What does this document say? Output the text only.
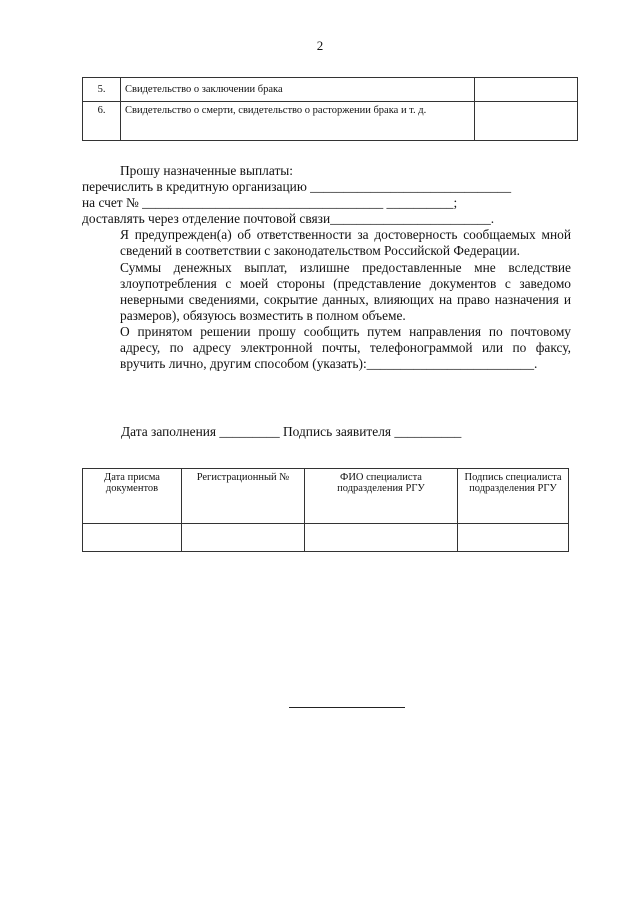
2
5.	Свидетельство о заключении брака	
6.	Свидетельство о смерти, свидетельство о расторжении брака и т. д.	
Прошу назначенные выплаты:
перечислить в кредитную организацию ______________________________
на счет № ____________________________________ __________;
доставлять через отделение почтовой связи________________________.
Я предупрежден(а) об ответственности за достоверность сообщаемых мной сведений в соответствии с законодательством Российской Федерации.
Суммы денежных выплат, излишне предоставленные мне вследствие злоупотребления с моей стороны (представление документов с заведомо неверными сведениями, сокрытие данных, влияющих на право назначения и размеров), обязуюсь возместить в полном объеме.
О принятом решении прошу сообщить путем направления по почтовому адресу, по адресу электронной почты, телефонограммой или по факсу, вручить лично, другим способом (указать):_________________________.
Дата заполнения _________ Подпись заявителя __________
Дата присма документов	Регистрационный №	ФИО специалиста подразделения РГУ	Подпись специалиста подразделения РГУ
